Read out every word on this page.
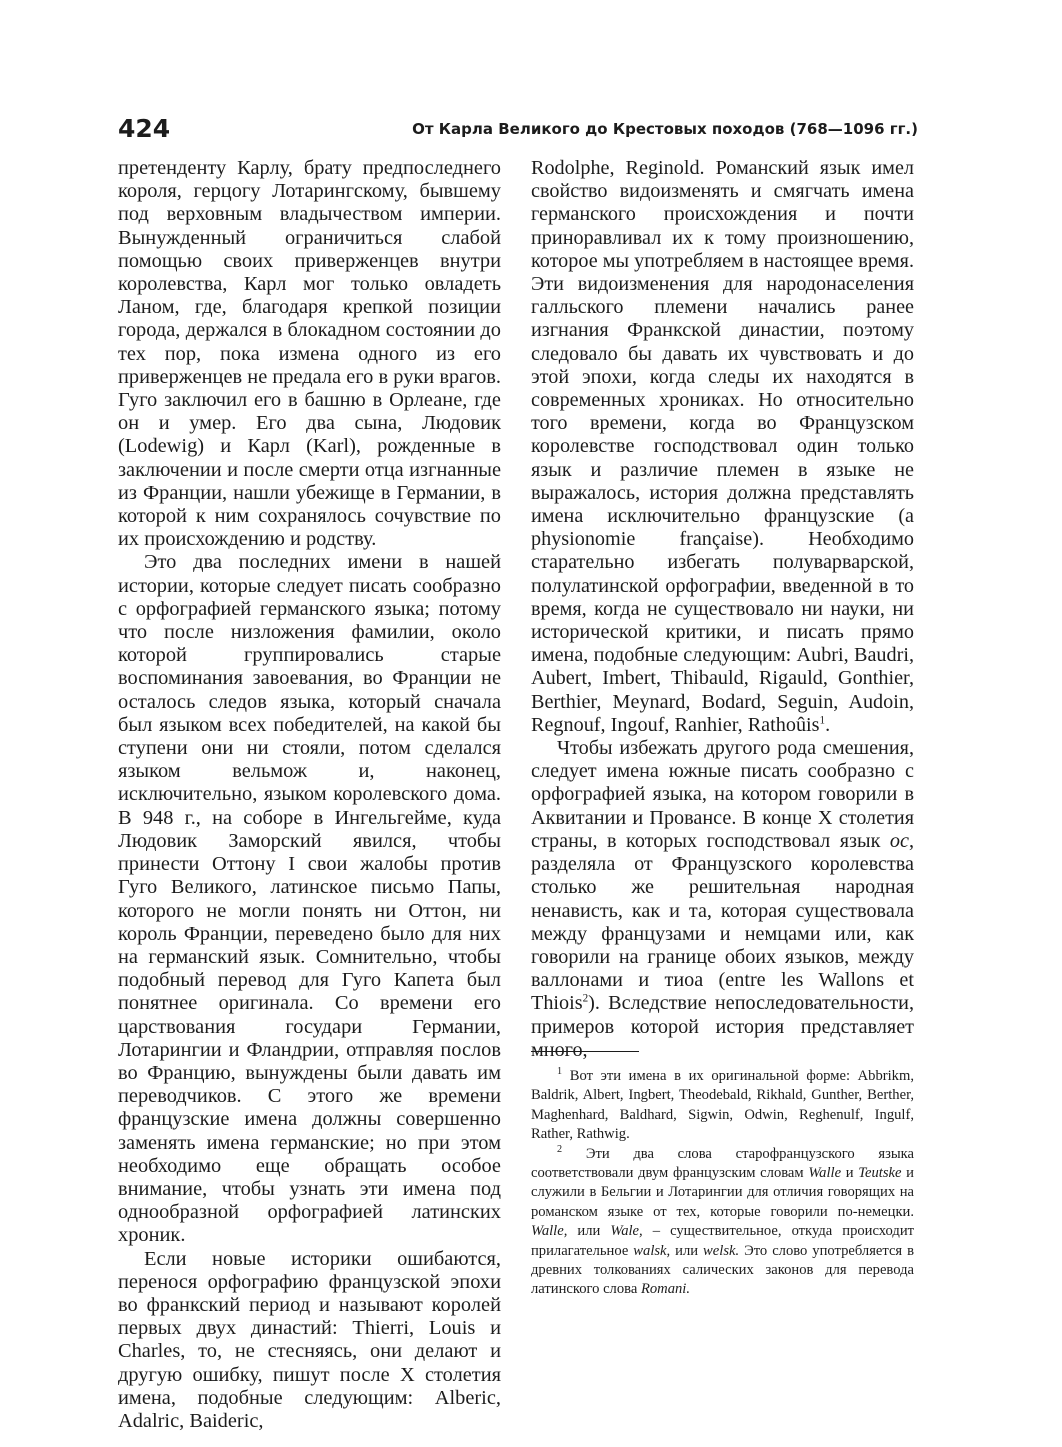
424	От Карла Великого до Крестовых походов (768—1096 гг.)

претенденту Карлу, брату предпоследнего короля, герцогу Лотарингскому, бывшему под верховным владычеством империи. Вынужденный ограничиться слабой помощью своих приверженцев внутри королевства, Карл мог только овладеть Ланом, где, благодаря крепкой позиции города, держался в блокадном состоянии до тех пор, пока измена одного из его приверженцев не предала его в руки врагов. Гуго заключил его в башню в Орлеане, где он и умер. Его два сына, Людовик (Lodewig) и Карл (Karl), рожденные в заключении и после смерти отца изгнанные из Франции, нашли убежище в Германии, в которой к ним сохранялось сочувствие по их происхождению и родству.

Это два последних имени в нашей истории, которые следует писать сообразно с орфографией германского языка; потому что после низложения фамилии, около которой группировались старые воспоминания завоевания, во Франции не осталось следов языка, который сначала был языком всех победителей, на какой бы ступени они ни стояли, потом сделался языком вельмож и, наконец, исключительно, языком королевского дома. В 948 г., на соборе в Ингельгейме, куда Людовик Заморский явился, чтобы принести Оттону I свои жалобы против Гуго Великого, латинское письмо Папы, которого не могли понять ни Оттон, ни король Франции, переведено было для них на германский язык. Сомнительно, чтобы подобный перевод для Гуго Капета был понятнее оригинала. Со времени его царствования государи Германии, Лотарингии и Фландрии, отправляя послов во Францию, вынуждены были давать им переводчиков. С этого же времени французские имена должны совершенно заменять имена германские; но при этом необходимо еще обращать особое внимание, чтобы узнать эти имена под однообразной орфографией латинских хроник.

Если новые историки ошибаются, перенося орфографию французской эпохи во франкский период и называют королей первых двух династий: Thierri, Louis и Charles, то, не стесняясь, они делают и другую ошибку, пишут после X столетия имена, подобные следующим: Alberic, Adalric, Baideric,

Rodolphe, Reginold. Романский язык имел свойство видоизменять и смягчать имена германского происхождения и почти приноравливал их к тому произношению, которое мы употребляем в настоящее время. Эти видоизменения для народонаселения галльского племени начались ранее изгнания Франкской династии, поэтому следовало бы давать их чувствовать и до этой эпохи, когда следы их находятся в современных хрониках. Но относительно того времени, когда во Французском королевстве господствовал один только язык и различие племен в языке не выражалось, история должна представлять имена исключительно французские (a physionomie française). Необходимо старательно избегать полуварварской, полулатинской орфографии, введенной в то время, когда не существовало ни науки, ни исторической критики, и писать прямо имена, подобные следующим: Aubri, Baudri, Aubert, Imbert, Thibauld, Rigauld, Gonthier, Berthier, Meynard, Bodard, Seguin, Audoin, Regnouf, Ingouf, Ranhier, Rathoûis$^1$.

Чтобы избежать другого рода смешения, следует имена южные писать сообразно с орфографией языка, на котором говорили в Аквитании и Провансе. В конце X столетия страны, в которых господствовал язык oc, разделяла от Французского королевства столько же решительная народная ненависть, как и та, которая существовала между французами и немцами или, как говорили на границе обоих языков, между валлонами и тиоа (entre les Wallons et Thiois$^2$). Вследствие непоследовательности, примеров которой история представляет много,

$^1$ Вот эти имена в их оригинальной форме: Abbrikm, Baldrik, Albert, Ingbert, Theodebald, Rikhald, Gunther, Berther, Maghenhard, Baldhard, Sigwin, Odwin, Reghenulf, Ingulf, Rather, Rathwig.

$^2$ Эти два слова старофранцузского языка соответствовали двум французским словам Walle и Teutske и служили в Бельгии и Лотарингии для отличия говорящих на романском языке от тех, которые говорили по-немецки. Walle, или Wale, – существительное, откуда происходит прилагательное walsk, или welsk. Это слово употребляется в древних толкованиях салических законов для перевода латинского слова Romani.
